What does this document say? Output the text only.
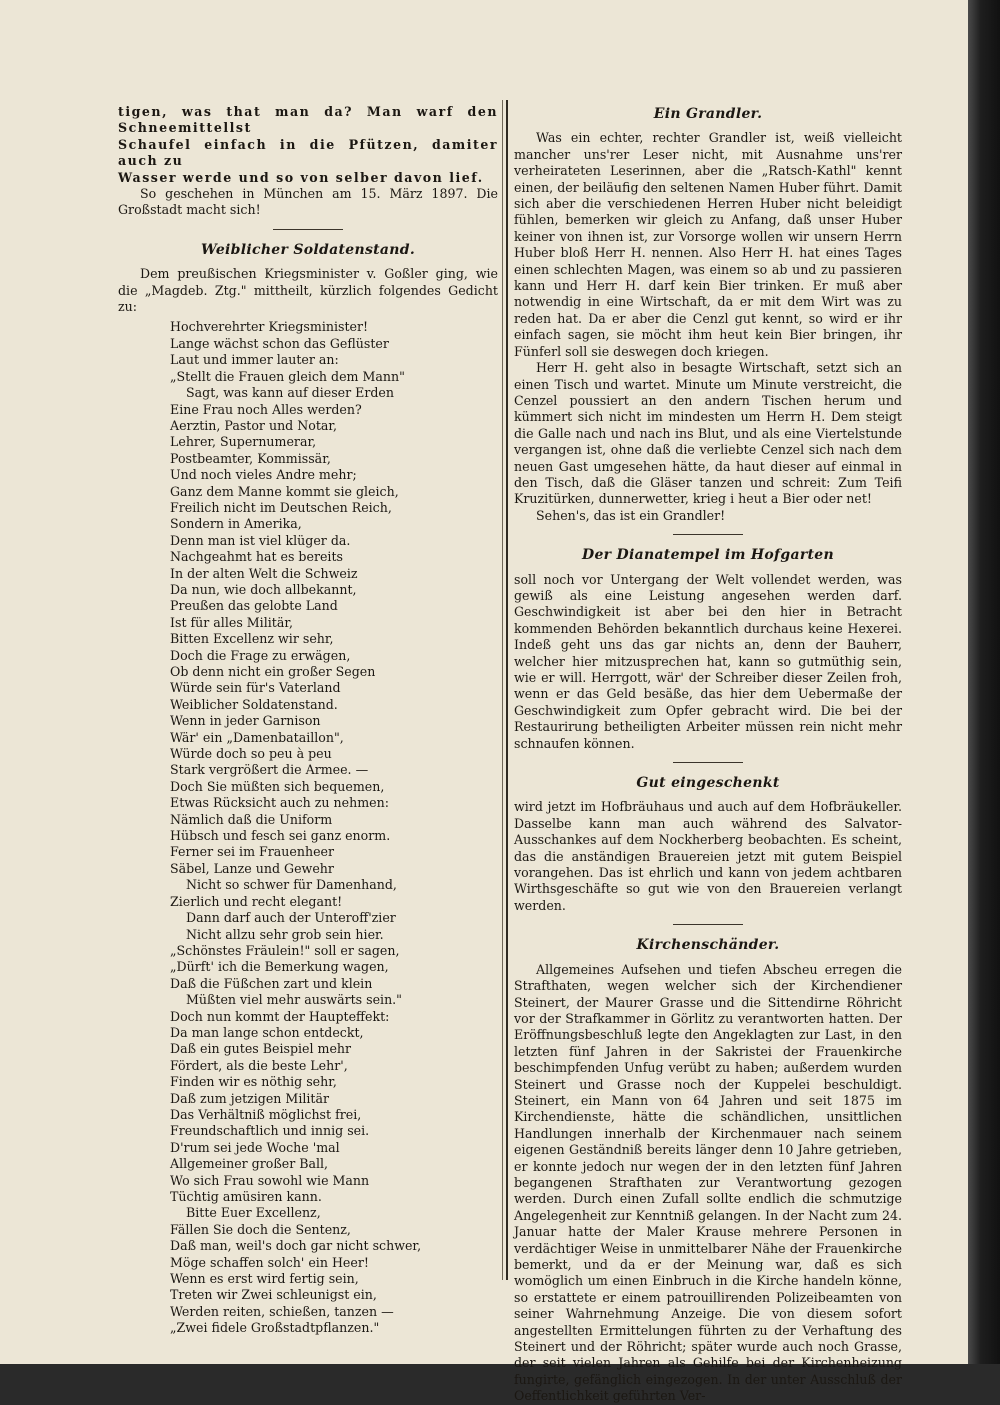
tigen, was that man da? Man warf den Schneemittellst

Schaufel einfach in die Pfützen, damiter auch zu

Wasser werde und so von selber davon lief.

So geschehen in München am 15. März 1897. Die Großstadt macht sich!

Weiblicher Soldatenstand.

Dem preußischen Kriegsminister v. Goßler ging, wie die „Magdeb. Ztg." mittheilt, kürzlich folgendes Gedicht zu:

Hochverehrter Kriegsminister!
Lange wächst schon das Geflüster
Laut und immer lauter an:
„Stellt die Frauen gleich dem Mann"
Sagt, was kann auf dieser Erden
Eine Frau noch Alles werden?
Aerztin, Pastor und Notar,
Lehrer, Supernumerar,
Postbeamter, Kommissär,
Und noch vieles Andre mehr;
Ganz dem Manne kommt sie gleich,
Freilich nicht im Deutschen Reich,
Sondern in Amerika,
Denn man ist viel klüger da.
Nachgeahmt hat es bereits
In der alten Welt die Schweiz
Da nun, wie doch allbekannt,
Preußen das gelobte Land
Ist für alles Militär,
Bitten Excellenz wir sehr,
Doch die Frage zu erwägen,
Ob denn nicht ein großer Segen
Würde sein für's Vaterland
Weiblicher Soldatenstand.
Wenn in jeder Garnison
Wär' ein „Damenbataillon",
Würde doch so peu à peu
Stark vergrößert die Armee. —
Doch Sie müßten sich bequemen,
Etwas Rücksicht auch zu nehmen:
Nämlich daß die Uniform
Hübsch und fesch sei ganz enorm.
Ferner sei im Frauenheer
Säbel, Lanze und Gewehr
Nicht so schwer für Damenhand,
Zierlich und recht elegant!
Dann darf auch der Unteroff'zier
Nicht allzu sehr grob sein hier.
„Schönstes Fräulein!" soll er sagen,
„Dürft' ich die Bemerkung wagen,
Daß die Füßchen zart und klein
Müßten viel mehr auswärts sein."
Doch nun kommt der Haupteffekt:
Da man lange schon entdeckt,
Daß ein gutes Beispiel mehr
Fördert, als die beste Lehr',
Finden wir es nöthig sehr,
Daß zum jetzigen Militär
Das Verhältniß möglichst frei,
Freundschaftlich und innig sei.
D'rum sei jede Woche 'mal
Allgemeiner großer Ball,
Wo sich Frau sowohl wie Mann
Tüchtig amüsiren kann.
Bitte Euer Excellenz,
Fällen Sie doch die Sentenz,
Daß man, weil's doch gar nicht schwer,
Möge schaffen solch' ein Heer!
Wenn es erst wird fertig sein,
Treten wir Zwei schleunigst ein,
Werden reiten, schießen, tanzen —
„Zwei fidele Großstadtpflanzen."
Ein Grandler.

Was ein echter, rechter Grandler ist, weiß vielleicht mancher uns'rer Leser nicht, mit Ausnahme uns'rer verheirateten Leserinnen, aber die „Ratsch-Kathl" kennt einen, der beiläufig den seltenen Namen Huber führt. Damit sich aber die verschiedenen Herren Huber nicht beleidigt fühlen, bemerken wir gleich zu Anfang, daß unser Huber keiner von ihnen ist, zur Vorsorge wollen wir unsern Herrn Huber bloß Herr H. nennen. Also Herr H. hat eines Tages einen schlechten Magen, was einem so ab und zu passieren kann und Herr H. darf kein Bier trinken. Er muß aber notwendig in eine Wirtschaft, da er mit dem Wirt was zu reden hat. Da er aber die Cenzl gut kennt, so wird er ihr einfach sagen, sie möcht ihm heut kein Bier bringen, ihr Fünferl soll sie deswegen doch kriegen.

Herr H. geht also in besagte Wirtschaft, setzt sich an einen Tisch und wartet. Minute um Minute verstreicht, die Cenzel poussiert an den andern Tischen herum und kümmert sich nicht im mindesten um Herrn H. Dem steigt die Galle nach und nach ins Blut, und als eine Viertelstunde vergangen ist, ohne daß die verliebte Cenzel sich nach dem neuen Gast umgesehen hätte, da haut dieser auf einmal in den Tisch, daß die Gläser tanzen und schreit: Zum Teifi Kruzitürken, dunnerwetter, krieg i heut a Bier oder net!

Sehen's, das ist ein Grandler!

Der Dianatempel im Hofgarten

soll noch vor Untergang der Welt vollendet werden, was gewiß als eine Leistung angesehen werden darf. Geschwindigkeit ist aber bei den hier in Betracht kommenden Behörden bekanntlich durchaus keine Hexerei. Indeß geht uns das gar nichts an, denn der Bauherr, welcher hier mitzusprechen hat, kann so gutmüthig sein, wie er will. Herrgott, wär' der Schreiber dieser Zeilen froh, wenn er das Geld besäße, das hier dem Uebermaße der Geschwindigkeit zum Opfer gebracht wird. Die bei der Restaurirung betheiligten Arbeiter müssen rein nicht mehr schnaufen können.

Gut eingeschenkt

wird jetzt im Hofbräuhaus und auch auf dem Hofbräukeller. Dasselbe kann man auch während des Salvator-Ausschankes auf dem Nockherberg beobachten. Es scheint, das die anständigen Brauereien jetzt mit gutem Beispiel vorangehen. Das ist ehrlich und kann von jedem achtbaren Wirthsgeschäfte so gut wie von den Brauereien verlangt werden.

Kirchenschänder.

Allgemeines Aufsehen und tiefen Abscheu erregen die Strafthaten, wegen welcher sich der Kirchendiener Steinert, der Maurer Grasse und die Sittendirne Röhricht vor der Strafkammer in Görlitz zu verantworten hatten. Der Eröffnungsbeschluß legte den Angeklagten zur Last, in den letzten fünf Jahren in der Sakristei der Frauenkirche beschimpfenden Unfug verübt zu haben; außerdem wurden Steinert und Grasse noch der Kuppelei beschuldigt. Steinert, ein Mann von 64 Jahren und seit 1875 im Kirchendienste, hätte die schändlichen, unsittlichen Handlungen innerhalb der Kirchenmauer nach seinem eigenen Geständniß bereits länger denn 10 Jahre getrieben, er konnte jedoch nur wegen der in den letzten fünf Jahren begangenen Strafthaten zur Verantwortung gezogen werden. Durch einen Zufall sollte endlich die schmutzige Angelegenheit zur Kenntniß gelangen. In der Nacht zum 24. Januar hatte der Maler Krause mehrere Personen in verdächtiger Weise in unmittelbarer Nähe der Frauenkirche bemerkt, und da er der Meinung war, daß es sich womöglich um einen Einbruch in die Kirche handeln könne, so erstattete er einem patrouillirenden Polizeibeamten von seiner Wahrnehmung Anzeige. Die von diesem sofort angestellten Ermittelungen führten zu der Verhaftung des Steinert und der Röhricht; später wurde auch noch Grasse, der seit vielen Jahren als Gehilfe bei der Kirchenheizung fungirte, gefänglich eingezogen. In der unter Ausschluß der Oeffentlichkeit geführten Ver-
